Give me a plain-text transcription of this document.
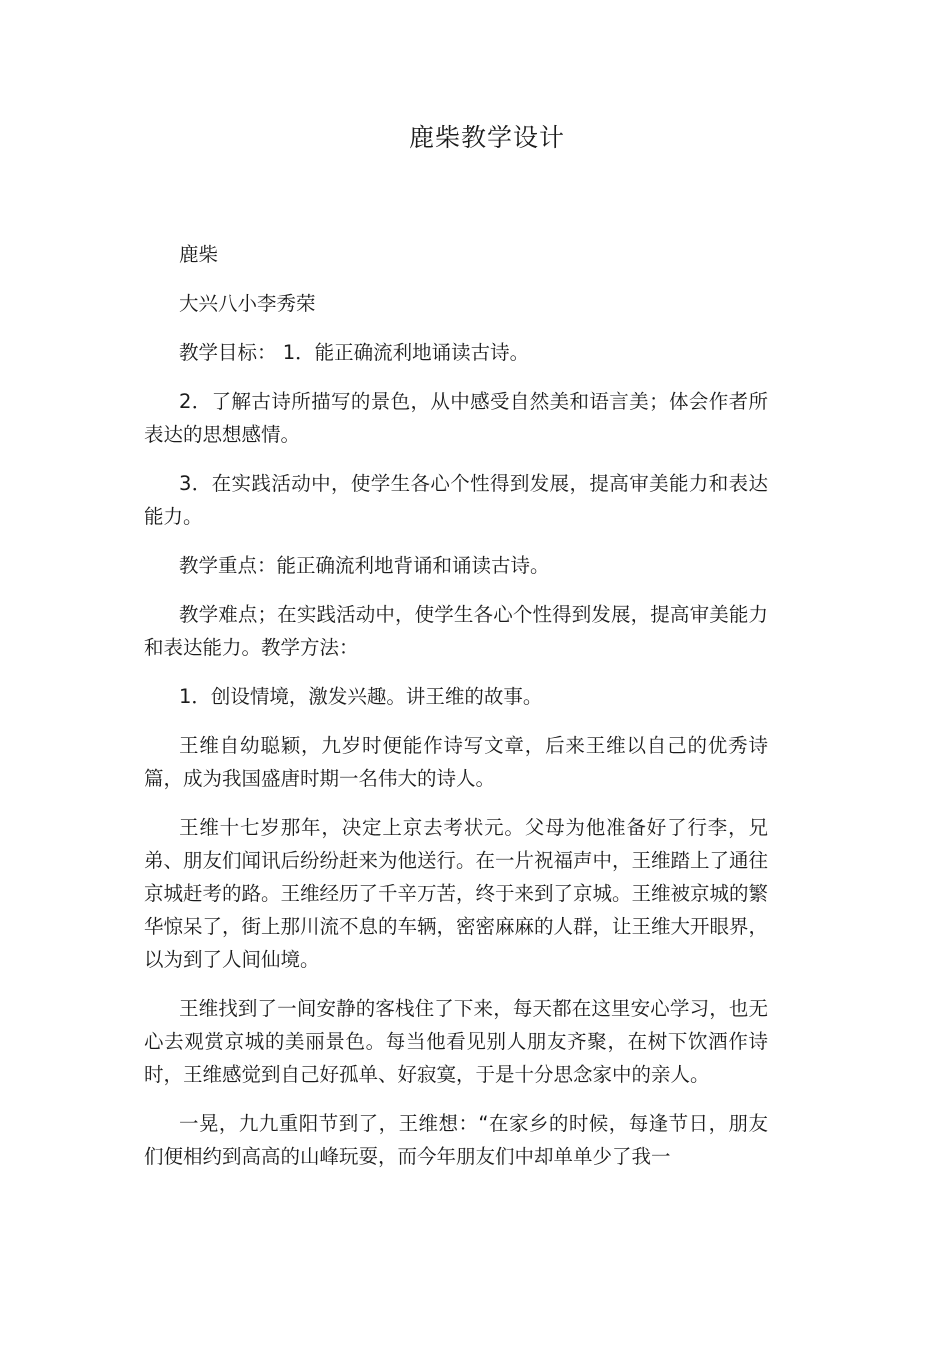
鹿柴教学设计

鹿柴

大兴八小李秀荣

教学目标： 1．能正确流利地诵读古诗。

2．了解古诗所描写的景色，从中感受自然美和语言美；体会作者所表达的思想感情。

3．在实践活动中，使学生各心个性得到发展，提高审美能力和表达能力。

教学重点：能正确流利地背诵和诵读古诗。

教学难点；在实践活动中，使学生各心个性得到发展，提高审美能力和表达能力。教学方法：

1．创设情境，激发兴趣。讲王维的故事。

王维自幼聪颖，九岁时便能作诗写文章，后来王维以自己的优秀诗篇，成为我国盛唐时期一名伟大的诗人。

王维十七岁那年，决定上京去考状元。父母为他准备好了行李，兄弟、朋友们闻讯后纷纷赶来为他送行。在一片祝福声中，王维踏上了通往京城赶考的路。王维经历了千辛万苦，终于来到了京城。王维被京城的繁华惊呆了，街上那川流不息的车辆，密密麻麻的人群，让王维大开眼界，以为到了人间仙境。

王维找到了一间安静的客栈住了下来，每天都在这里安心学习，也无心去观赏京城的美丽景色。每当他看见别人朋友齐聚，在树下饮酒作诗时，王维感觉到自己好孤单、好寂寞，于是十分思念家中的亲人。

一晃，九九重阳节到了，王维想：“在家乡的时候，每逢节日，朋友们便相约到高高的山峰玩耍，而今年朋友们中却单单少了我一
